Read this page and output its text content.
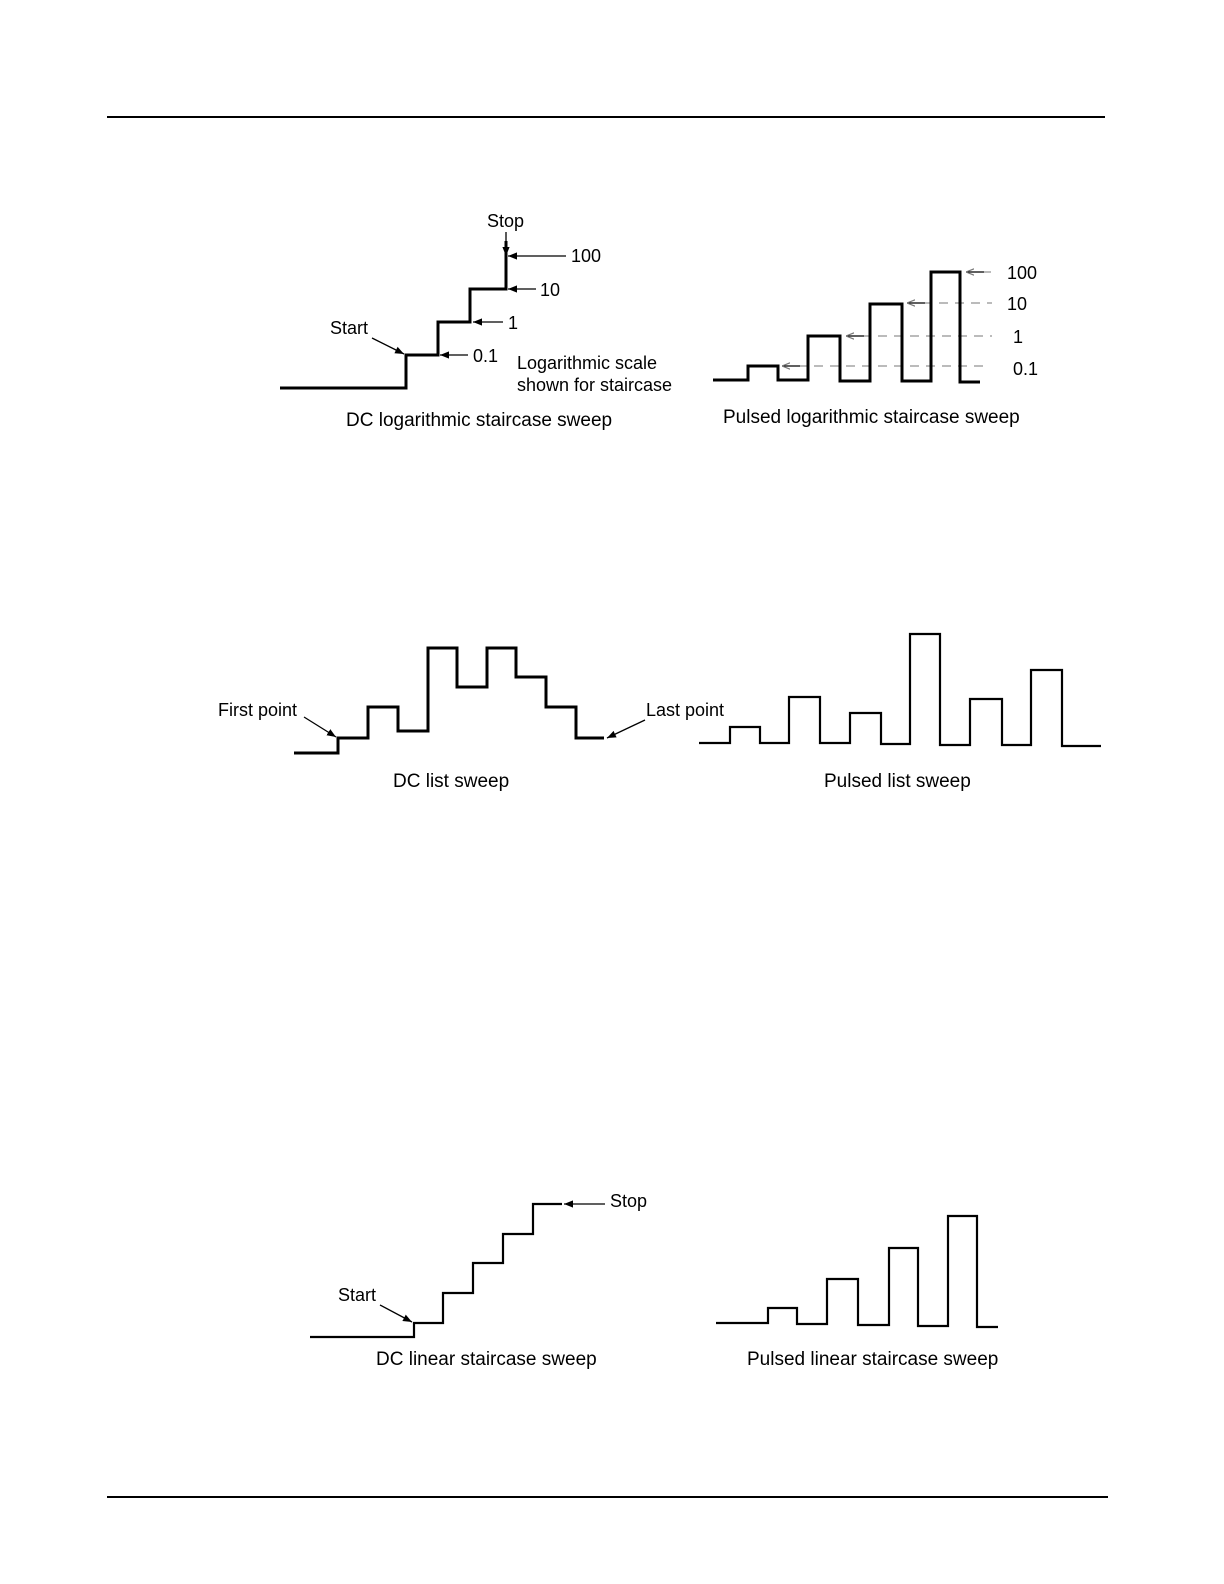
Stop
Start
100
10
1
0.1 Logarithmic scale
shown for staircase
DC logarithmic staircase sweep
100
10
1
0.1
Pulsed logarithmic staircase sweep
First point	Last point
DC list sweep	Pulsed list sweep
Stop
Start
DC linear staircase sweep	Pulsed linear staircase sweep
